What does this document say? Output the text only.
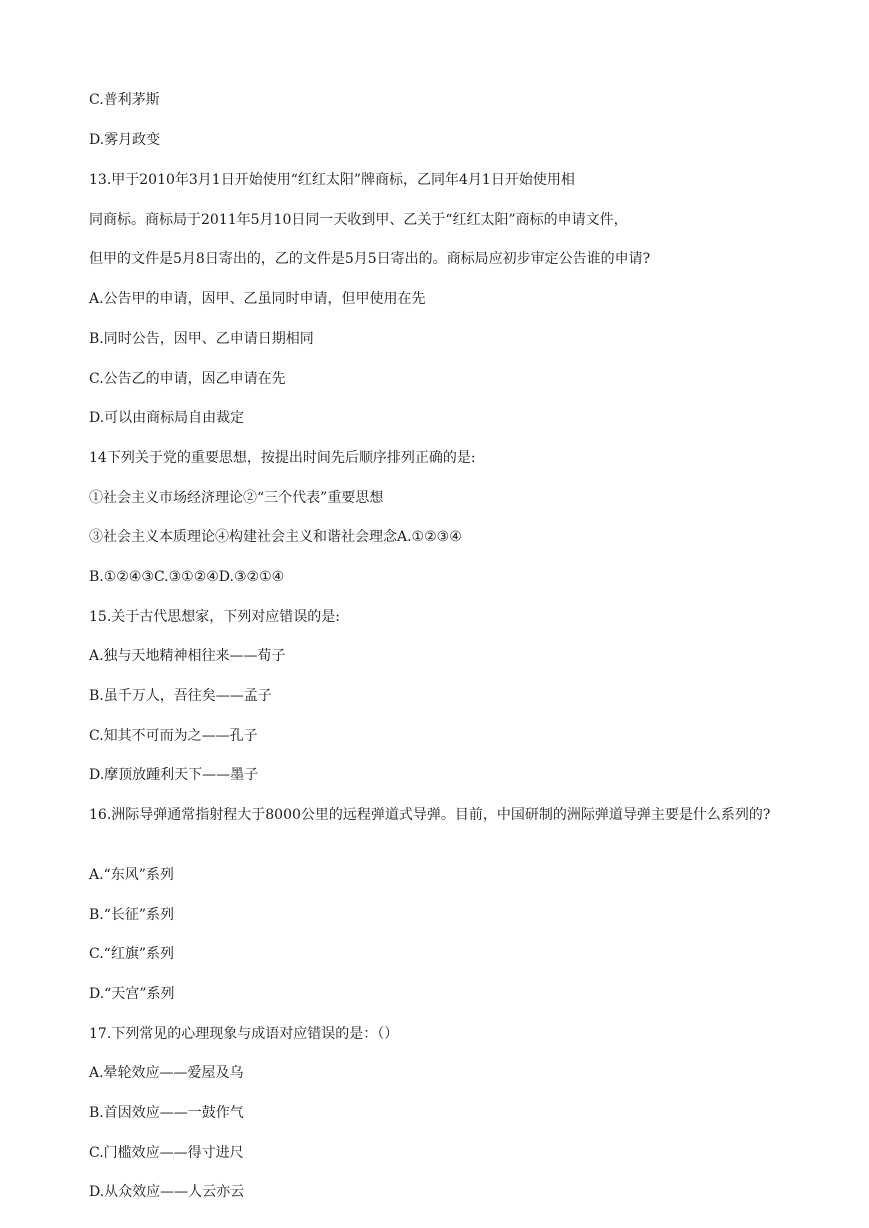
C.普利茅斯
D.雾月政变
13.甲于2010年3月1日开始使用“红红太阳”牌商标，乙同年4月1日开始使用相
同商标。商标局于2011年5月10日同一天收到甲、乙关于“红红太阳”商标的申请文件，
但甲的文件是5月8日寄出的，乙的文件是5月5日寄出的。商标局应初步审定公告谁的申请?
A.公告甲的申请，因甲、乙虽同时申请，但甲使用在先
B.同时公告，因甲、乙申请日期相同
C.公告乙的申请，因乙申请在先
D.可以由商标局自由裁定
14下列关于党的重要思想，按提出时间先后顺序排列正确的是:
①社会主义市场经济理论②“三个代表”重要思想
③社会主义本质理论④构建社会主义和谐社会理念A.①②③④
B.①②④③C.③①②④D.③②①④
15.关于古代思想家，下列对应错误的是:
A.独与天地精神相往来——荀子
B.虽千万人，吾往矣——孟子
C.知其不可而为之——孔子
D.摩顶放踵利天下——墨子
16.洲际导弹通常指射程大于8000公里的远程弹道式导弹。目前，中国研制的洲际弹道导弹主要是什么系列的?
A.“东风”系列
B.“长征”系列
C.“红旗”系列
D.“天宫”系列
17.下列常见的心理现象与成语对应错误的是：（）
A.晕轮效应——爱屋及乌
B.首因效应——一鼓作气
C.门槛效应——得寸进尺
D.从众效应——人云亦云
